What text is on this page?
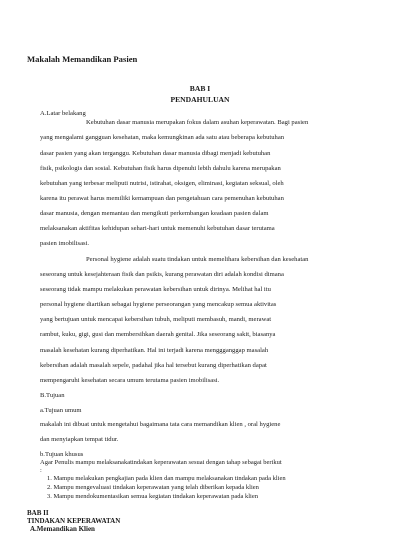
Makalah Memandikan Pasien
BAB I
PENDAHULUAN
A.Latar belakang
Kebutuhan dasar manusia merupakan fokus dalam asuhan keperawatan. Bagi pasien
yang mengalami gangguan kesehatan, maka kemungkinan ada satu atau beberapa kebutuhan
dasar pasien yang akan terganggu. Kebutuhan dasar manusia dibagi menjadi kebutuhan
fisik, psikologis dan sosial. Kebutuhan fisik harus dipenuhi lebih dahulu karena merupakan
kebutuhan yang terbesar meliputi nutrisi, istirahat, oksigen, eliminasi, kegiatan seksual, oleh
karena itu perawat harus memiliki kemampuan dan pengetahuan cara pemenuhan kebutuhan
dasar manusia, dengan memantau dan mengikuti perkembangan keadaan pasien dalam
melaksanakan aktifitas kehidupan sehari-hari untuk memenuhi kebutuhan dasar terutama
pasien imobilisasi.
Personal hygiene adalah suatu tindakan untuk memelihara kebersihan dan kesehatan
seseorang untuk kesejahteraan fisik dan psikis, kurang perawatan diri adalah kondisi dimana
seseorang tidak mampu melakukan perawatan kebersihan untuk dirinya. Melihat hal itu
personal hygiene diartikan sebagai hygiene perseorangan yang mencakup semua aktivitas
yang bertujuan untuk mencapai kebersihan tubuh, meliputi membasuh, mandi, merawat
rambut, kuku, gigi, gusi dan membersihkan daerah genital. Jika seseorang sakit, biasanya
masalah kesehatan kurang diperhatikan. Hal ini terjadi karena menggganggap masalah
kebersihan adalah masalah sepele, padahal jika hal tersebut kurang diperhatikan dapat
mempengaruhi kesehatan secara umum terutama pasien imobilisasi.
B.Tujuan
a.Tujuan umum
makalah ini dibuat untuk mengetahui bagaimana tata cara memandikan klien , oral hygiene
dan menyiapkan tempat tidur.
b.Tujuan khusus
Agar Penulis mampu melaksanakatindakan keperawatan sesuai dengan tahap sebagai berikut
:
1. Mampu melakukan pengkajian pada klien dan mampu melaksanakan tindakan pada klien
2. Mampu mengevaluasi tindakan keperawatan yang telah diberikan kepada klien
3. Mampu mendokumentasikan semua kegiatan tindakan keperawatan pada klien
BAB II
TINDAKAN KEPERAWATAN
A.Memandikan Klien
